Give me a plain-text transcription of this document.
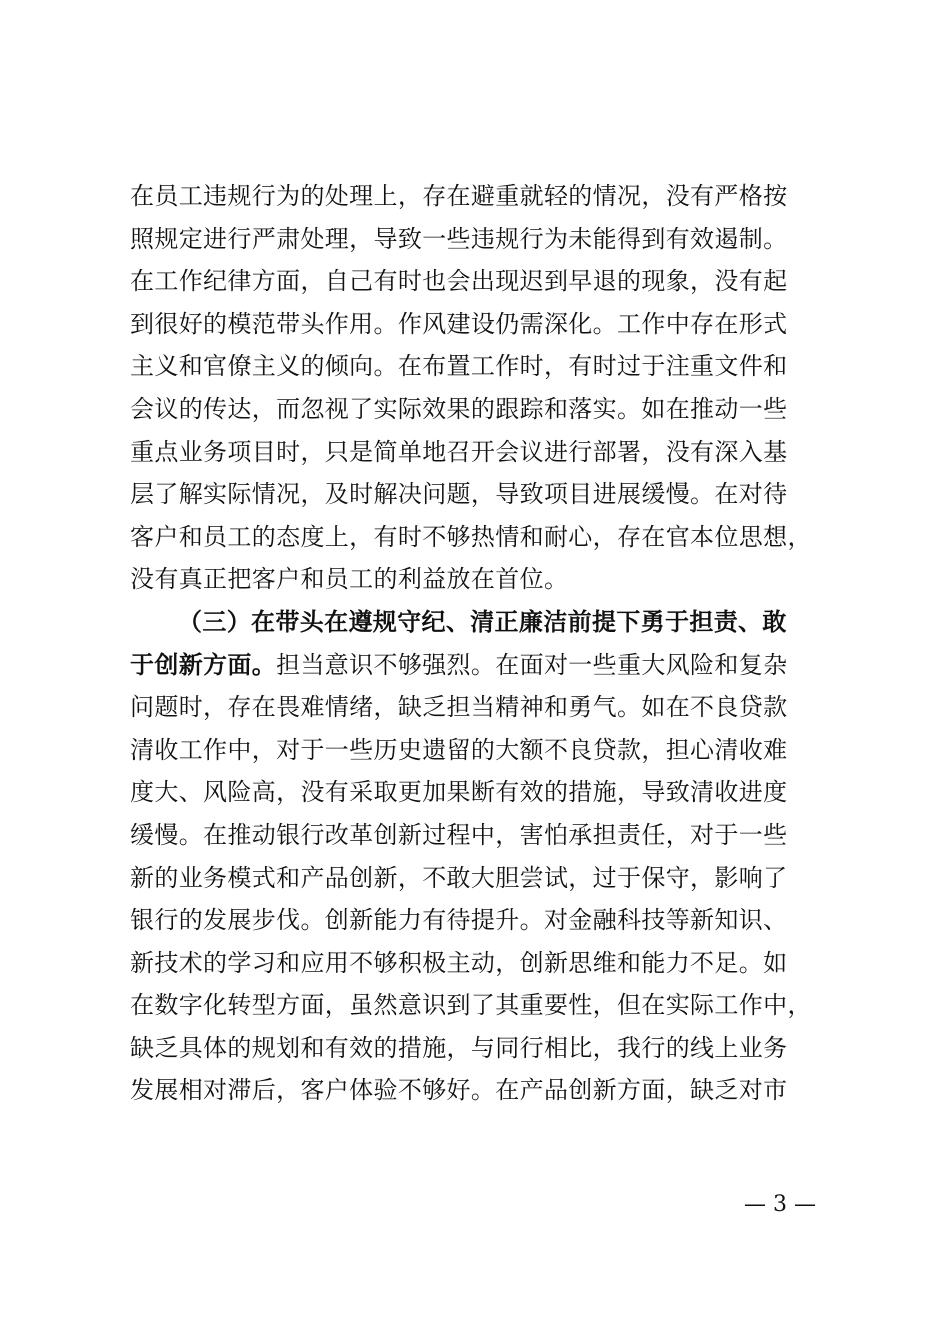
在员工违规行为的处理上，存在避重就轻的情况，没有严格按
照规定进行严肃处理，导致一些违规行为未能得到有效遏制。
在工作纪律方面，自己有时也会出现迟到早退的现象，没有起
到很好的模范带头作用。作风建设仍需深化。工作中存在形式
主义和官僚主义的倾向。在布置工作时，有时过于注重文件和
会议的传达，而忽视了实际效果的跟踪和落实。如在推动一些
重点业务项目时，只是简单地召开会议进行部署，没有深入基
层了解实际情况，及时解决问题，导致项目进展缓慢。在对待
客户和员工的态度上，有时不够热情和耐心，存在官本位思想，
没有真正把客户和员工的利益放在首位。
（三）在带头在遵规守纪、清正廉洁前提下勇于担责、敢
于创新方面。担当意识不够强烈。在面对一些重大风险和复杂
问题时，存在畏难情绪，缺乏担当精神和勇气。如在不良贷款
清收工作中，对于一些历史遗留的大额不良贷款，担心清收难
度大、风险高，没有采取更加果断有效的措施，导致清收进度
缓慢。在推动银行改革创新过程中，害怕承担责任，对于一些
新的业务模式和产品创新，不敢大胆尝试，过于保守，影响了
银行的发展步伐。创新能力有待提升。对金融科技等新知识、
新技术的学习和应用不够积极主动，创新思维和能力不足。如
在数字化转型方面，虽然意识到了其重要性，但在实际工作中，
缺乏具体的规划和有效的措施，与同行相比，我行的线上业务
发展相对滞后，客户体验不够好。在产品创新方面，缺乏对市
— 3 —
